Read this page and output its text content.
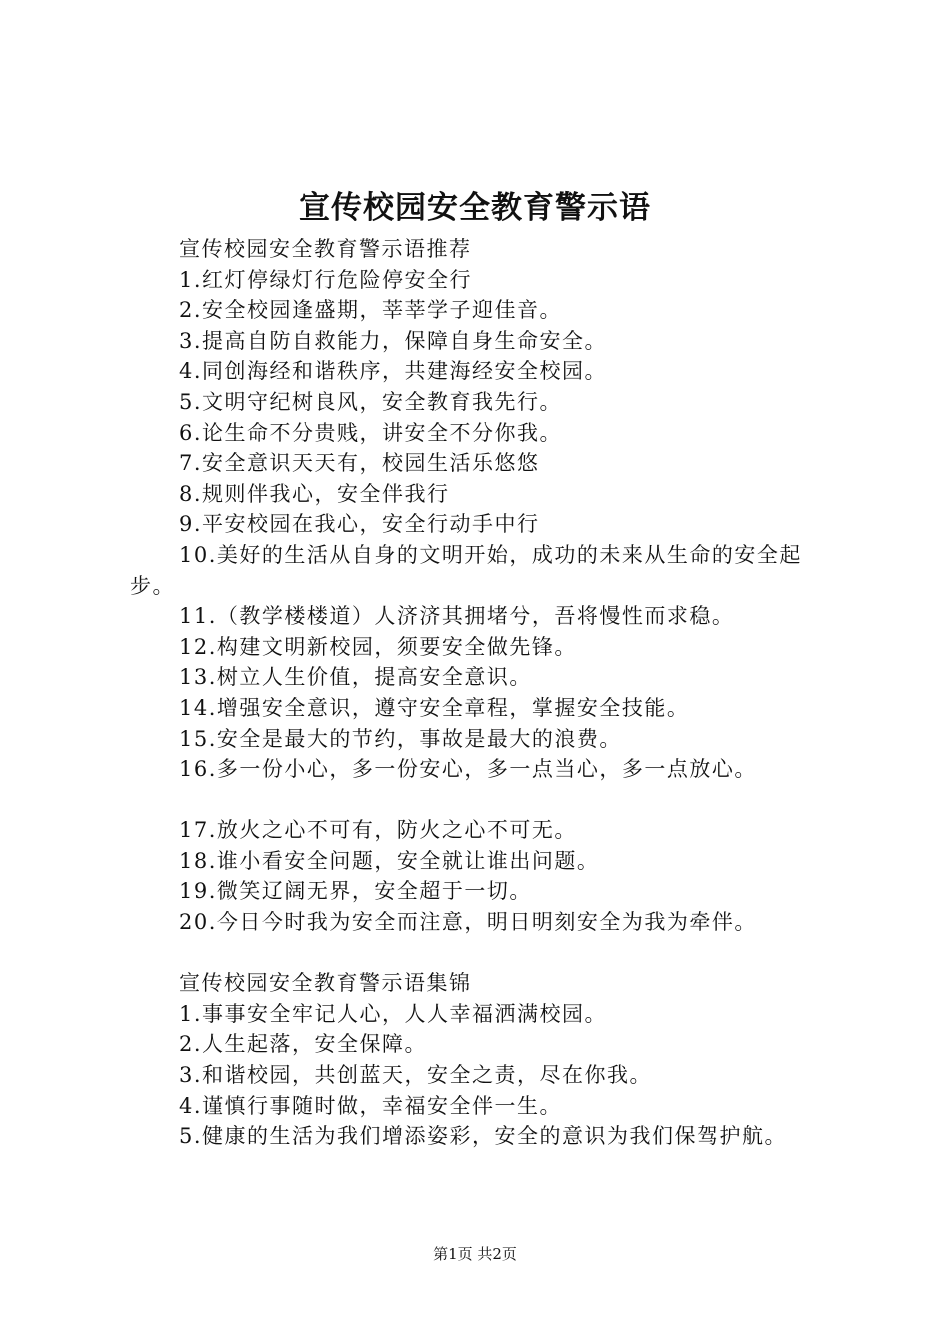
宣传校园安全教育警示语
宣传校园安全教育警示语推荐
1.红灯停绿灯行危险停安全行
2.安全校园逢盛期，莘莘学子迎佳音。
3.提高自防自救能力，保障自身生命安全。
4.同创海经和谐秩序，共建海经安全校园。
5.文明守纪树良风，安全教育我先行。
6.论生命不分贵贱，讲安全不分你我。
7.安全意识天天有，校园生活乐悠悠
8.规则伴我心，安全伴我行
9.平安校园在我心，安全行动手中行
10.美好的生活从自身的文明开始，成功的未来从生命的安全起步。
11.（教学楼楼道）人济济其拥堵兮，吾将慢性而求稳。
12.构建文明新校园，须要安全做先锋。
13.树立人生价值，提高安全意识。
14.增强安全意识，遵守安全章程，掌握安全技能。
15.安全是最大的节约，事故是最大的浪费。
16.多一份小心，多一份安心，多一点当心，多一点放心。
17.放火之心不可有，防火之心不可无。
18.谁小看安全问题，安全就让谁出问题。
19.微笑辽阔无界，安全超于一切。
20.今日今时我为安全而注意，明日明刻安全为我为牵伴。
宣传校园安全教育警示语集锦
1.事事安全牢记人心，人人幸福洒满校园。
2.人生起落，安全保障。
3.和谐校园，共创蓝天，安全之责，尽在你我。
4.谨慎行事随时做，幸福安全伴一生。
5.健康的生活为我们增添姿彩，安全的意识为我们保驾护航。
第1页 共2页
